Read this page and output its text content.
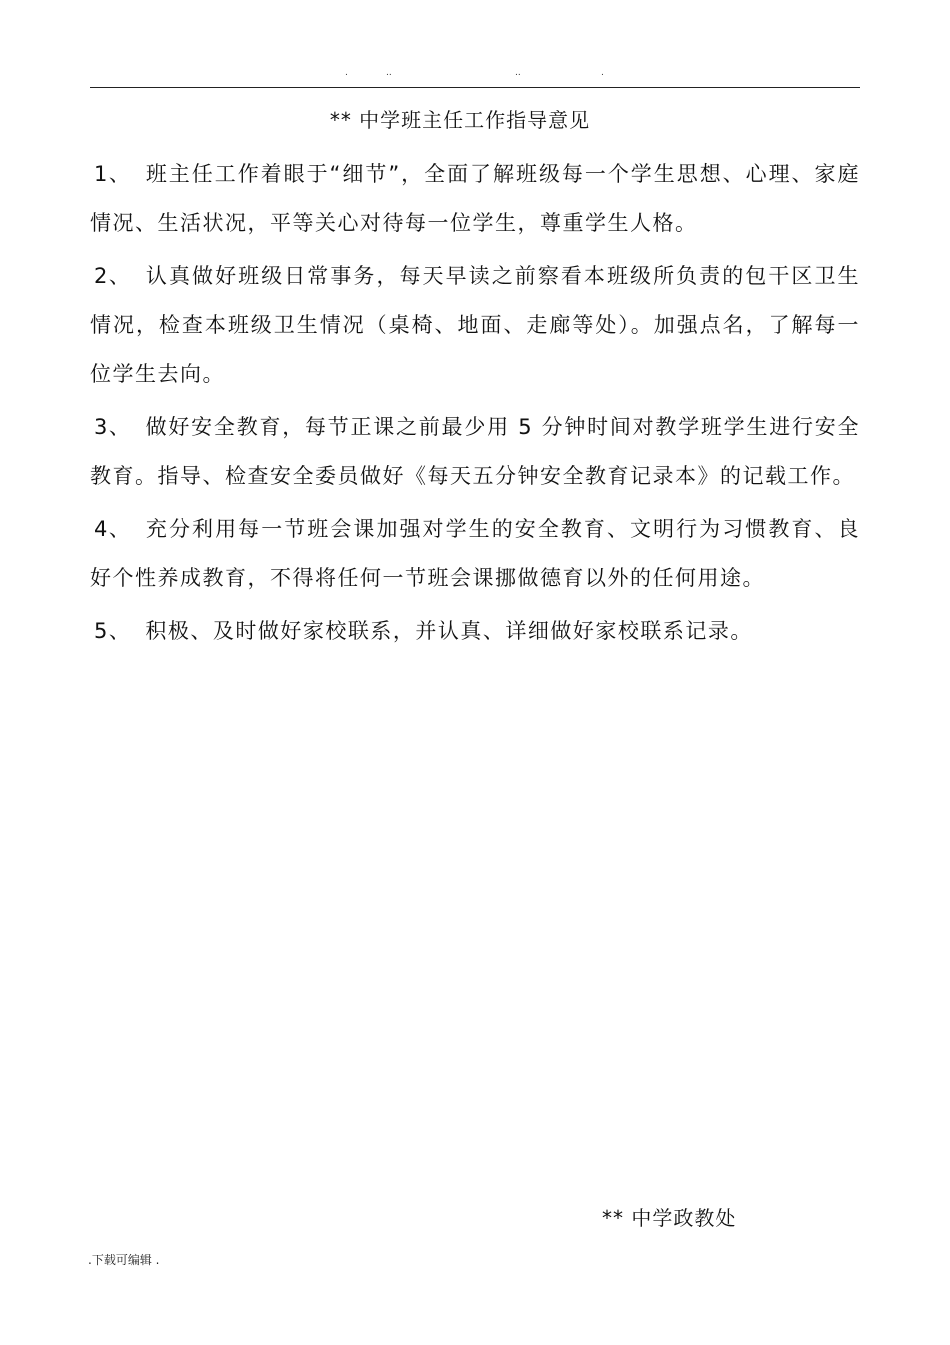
.	..	..	.
** 中学班主任工作指导意见

1、 班主任工作着眼于“细节”，全面了解班级每一个学生思想、心理、家庭情况、生活状况，平等关心对待每一位学生，尊重学生人格。

2、 认真做好班级日常事务，每天早读之前察看本班级所负责的包干区卫生情况，检查本班级卫生情况（桌椅、地面、走廊等处）。加强点名，了解每一位学生去向。

3、 做好安全教育，每节正课之前最少用 5 分钟时间对教学班学生进行安全教育。指导、检查安全委员做好《每天五分钟安全教育记录本》的记载工作。

4、 充分利用每一节班会课加强对学生的安全教育、文明行为习惯教育、良好个性养成教育，不得将任何一节班会课挪做德育以外的任何用途。

5、 积极、及时做好家校联系，并认真、详细做好家校联系记录。

** 中学政教处
.下载可编辑 .
